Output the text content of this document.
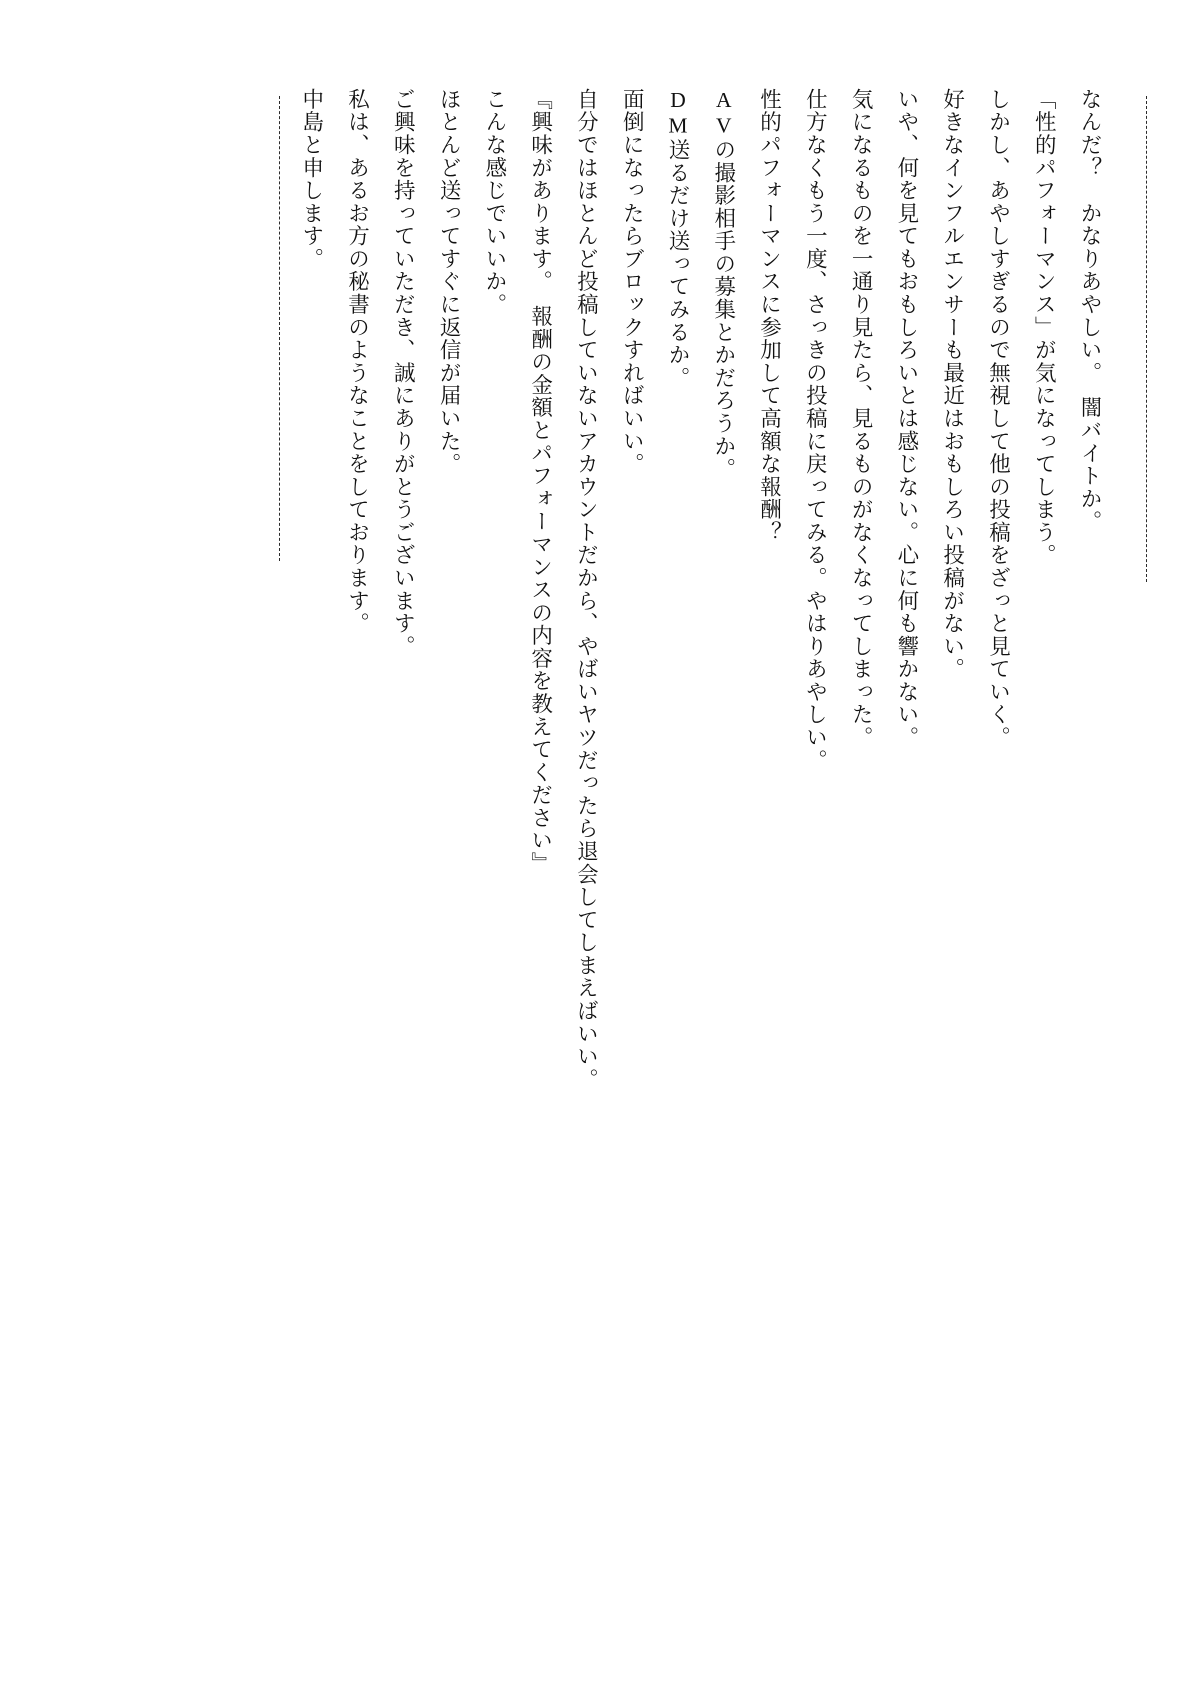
なんだ？　かなりあやしい。　闇バイトか。

「性的パフォーマンス」が気になってしまう。

しかし、あやしすぎるので無視して他の投稿をざっと見ていく。

好きなインフルエンサーも最近はおもしろい投稿がない。

いや、何を見てもおもしろいとは感じない。心に何も響かない。

気になるものを一通り見たら、見るものがなくなってしまった。

仕方なくもう一度、さっきの投稿に戻ってみる。やはりあやしい。

性的パフォーマンスに参加して高額な報酬？

AVの撮影相手の募集とかだろうか。

DM送るだけ送ってみるか。

面倒になったらブロックすればいい。

自分ではほとんど投稿していないアカウントだから、やばいヤツだったら退会してしまえばいい。

『興味があります。　報酬の金額とパフォーマンスの内容を教えてください』

こんな感じでいいか。

ほとんど送ってすぐに返信が届いた。

ご興味を持っていただき、誠にありがとうございます。

私は、あるお方の秘書のようなことをしております。

中島と申します。
